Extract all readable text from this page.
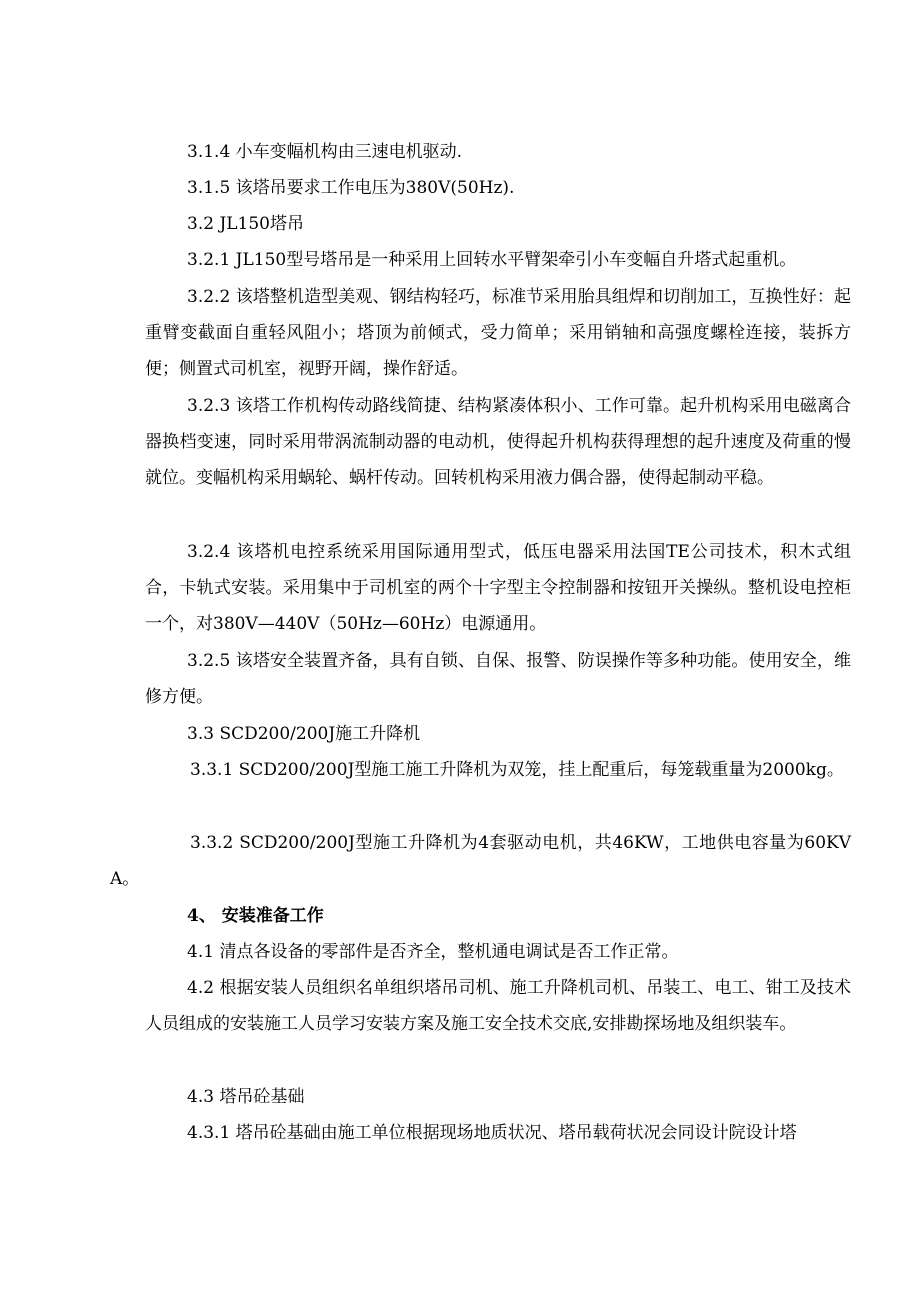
3.1.4 小车变幅机构由三速电机驱动.

3.1.5 该塔吊要求工作电压为380V(50Hz).

3.2 JL150塔吊

3.2.1 JL150型号塔吊是一种采用上回转水平臂架牵引小车变幅自升塔式起重机。

3.2.2 该塔整机造型美观、钢结构轻巧，标准节采用胎具组焊和切削加工，互换性好：起重臂变截面自重轻风阻小；塔顶为前倾式，受力简单；采用销轴和高强度螺栓连接，装拆方便；侧置式司机室，视野开阔，操作舒适。

3.2.3 该塔工作机构传动路线简捷、结构紧凑体积小、工作可靠。起升机构采用电磁离合器换档变速，同时采用带涡流制动器的电动机，使得起升机构获得理想的起升速度及荷重的慢就位。变幅机构采用蜗轮、蜗杆传动。回转机构采用液力偶合器，使得起制动平稳。

3.2.4 该塔机电控系统采用国际通用型式，低压电器采用法国TE公司技术，积木式组合，卡轨式安装。采用集中于司机室的两个十字型主令控制器和按钮开关操纵。整机设电控柜一个，对380V—440V（50Hz—60Hz）电源通用。

3.2.5 该塔安全装置齐备，具有自锁、自保、报警、防误操作等多种功能。使用安全，维修方便。

3.3 SCD200/200J施工升降机

3.3.1 SCD200/200J型施工施工升降机为双笼，挂上配重后，每笼载重量为2000kg。

3.3.2 SCD200/200J型施工升降机为4套驱动电机，共46KW，工地供电容量为60KVA。

4、 安装准备工作

4.1 清点各设备的零部件是否齐全，整机通电调试是否工作正常。

4.2 根据安装人员组织名单组织塔吊司机、施工升降机司机、吊装工、电工、钳工及技术人员组成的安装施工人员学习安装方案及施工安全技术交底,安排勘探场地及组织装车。

4.3 塔吊砼基础

4.3.1 塔吊砼基础由施工单位根据现场地质状况、塔吊载荷状况会同设计院设计塔
